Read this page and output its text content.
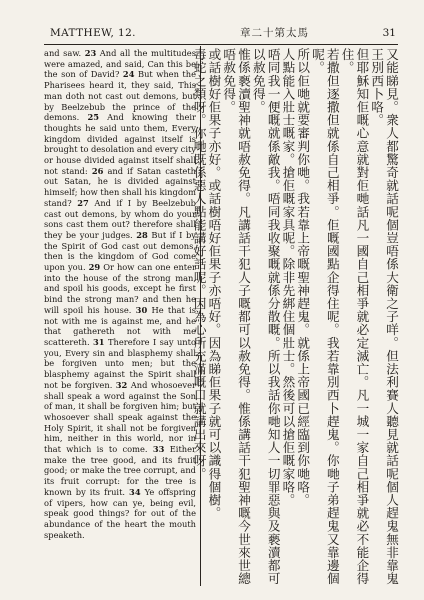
MATTHEW, 12.	章二十第太馬	31
and saw. 23 And all the multitudes were amazed, and said, Can this be the son of David? 24 But when the Pharisees heard it, they said, This man doth not cast out demons, but by Beelzebub the prince of the demons. 25 And knowing their thoughts he said unto them, Every kingdom divided against itself is brought to desolation and every city or house divided against itself shall not stand: 26 and if Satan casteth out Satan, he is divided against himself; how then shall his kingdom stand? 27 And if I by Beelzebub cast out demons, by whom do your sons cast them out? therefore shall they be your judges. 28 But if I by the Spirit of God cast out demons, then is the kingdom of God come upon you. 29 Or how can one enter into the house of the strong man, and spoil his goods, except he first bind the strong man? and then he will spoil his house. 30 He that is not with me is against me, and he that gathereth not with me scattereth. 31 Therefore I say unto you, Every sin and blasphemy shall be forgiven unto men; but the blasphemy against the Spirit shall not be forgiven. 32 And whosoever shall speak a word against the Son of man, it shall be forgiven him; but whosoever shall speak against the Holy Spirit, it shall not be forgiven him, neither in this world, nor in that which is to come. 33 Either make the tree good, and its fruit good; or make the tree corrupt, and its fruit corrupt: for the tree is known by its fruit. 34 Ye offspring of vipers, how can ye, being evil, speak good things? for out of the abundance of the heart the mouth speaketh.	又能睇見。衆人都驚奇就話呢個豈唔係大衛之子咩。但法利賽人聽見就話呢個人趕鬼無非靠鬼王別西卜咯。
但耶穌知佢嘅心意就對佢哋話凡一國自己相爭就必定滅亡。凡一城一家自己相爭就必不能企得住。
若撒但逐撒但就係自己相爭。佢嘅國點企得住呢。我若靠別西卜趕鬼。你哋子弟趕鬼又靠邊個呢。
所以佢哋就要審判你哋。我若靠上帝嘅聖神趕鬼。就係上帝國已經臨到你哋咯。
人點能入壯士嘅家。搶佢嘅家具呢。除非先綁住個壯士。然後可以搶佢嘅家咯。
唔同我一便嘅就係敵我。唔同我收聚嘅就係分散嘅。所以我話你哋知人一切罪惡與及褻瀆都可以赦免得。
惟係褻瀆聖神就唔赦免得。凡講話干犯人子嘅都可以赦免得。惟係講話干犯聖神嘅今世來世總唔赦免得。
或話樹好佢果子亦好。或話樹唔好佢果子亦唔好。因為睇佢果子就可以識得個樹。
毒蛇之類呀。你哋既係惡人點能講好話呢。因為心所充滿嘅口就講出來呀。
